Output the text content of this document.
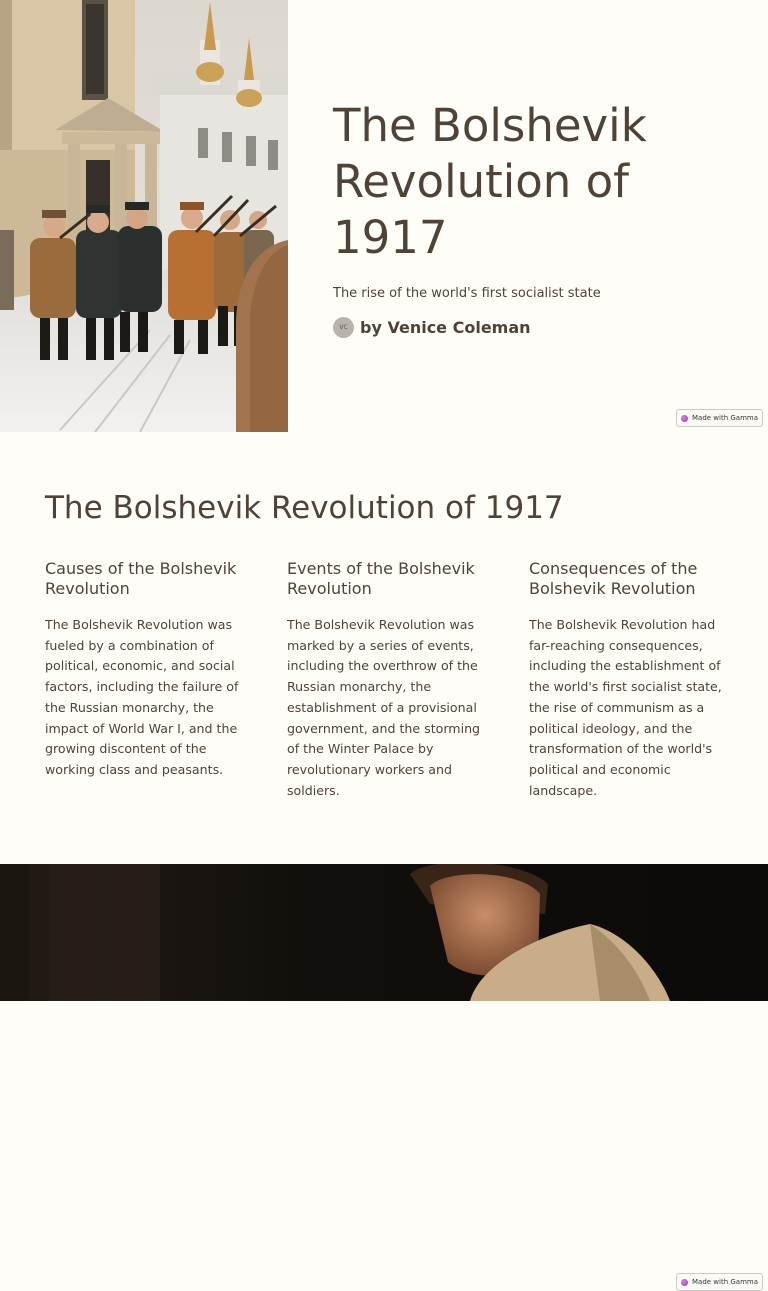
The Bolshevik Revolution of 1917

The rise of the world's first socialist state

VC by Venice Coleman
Made with Gamma
The Bolshevik Revolution of 1917
Causes of the Bolshevik Revolution

The Bolshevik Revolution was fueled by a combination of political, economic, and social factors, including the failure of the Russian monarchy, the impact of World War I, and the growing discontent of the working class and peasants.

Events of the Bolshevik Revolution

The Bolshevik Revolution was marked by a series of events, including the overthrow of the Russian monarchy, the establishment of a provisional government, and the storming of the Winter Palace by revolutionary workers and soldiers.

Consequences of the Bolshevik Revolution

The Bolshevik Revolution had far-reaching consequences, including the establishment of the world's first socialist state, the rise of communism as a political ideology, and the transformation of the world's political and economic landscape.

Made with Gamma
